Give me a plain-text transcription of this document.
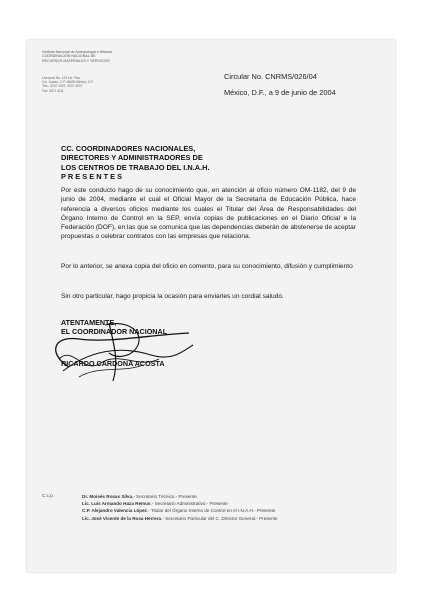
Instituto Nacional de Antropología e Historia
COORDINACIÓN NACIONAL DE
RECURSOS MATERIALES Y SERVICIOS
Liverpool No. 123 1er. Piso
Col. Juárez, C.P. 06600 México, D.F.
Tels.: 5207 4097, 5207 4070
Fax: 5207 4111
Circular No. CNRMS/026/04
México, D.F., a 9 de junio de 2004
CC. COORDINADORES NACIONALES,
DIRECTORES Y ADMINISTRADORES DE
LOS CENTROS DE TRABAJO DEL I.N.A.H.
P R E S E N T E S
Por este conducto hago de su conocimiento que, en atención al oficio número OM-1182, del 9 de junio de 2004, mediante el cual el Oficial Mayor de la Secretaría de Educación Pública, hace referencia a diversos oficios mediante los cuales el Titular del Área de Responsabilidades del Órgano Interno de Control en la SEP, envía copias de publicaciones en el Diario Oficial e la Federación (DOF), en las que se comunica que las dependencias deberán de abstenerse de aceptar propuestas o celebrar contratos con las empresas que relaciona.
Por lo anterior, se anexa copia del oficio en comento, para su conocimiento, difusión y cumplimiento
Sin otro particular, hago propicia la ocasión para enviarles un cordial saludo.
ATENTAMENTE,
EL COORDINADOR NACIONAL
RICARDO CARDONA ACOSTA
C.c.p.	Dr. Moisés Rosas Silva.- Secretario Técnico.- Presente
Lic. Luis Armando Haza Remus.- Secretario Administrativo.- Presente
C.P. Alejandro Valencia López.- Titular del Órgano Interno de Control en el I.N.A.H.- Presente
Lic. José Vicente de la Rosa Herrera.- Secretario Particular del C. Director General.- Presente
